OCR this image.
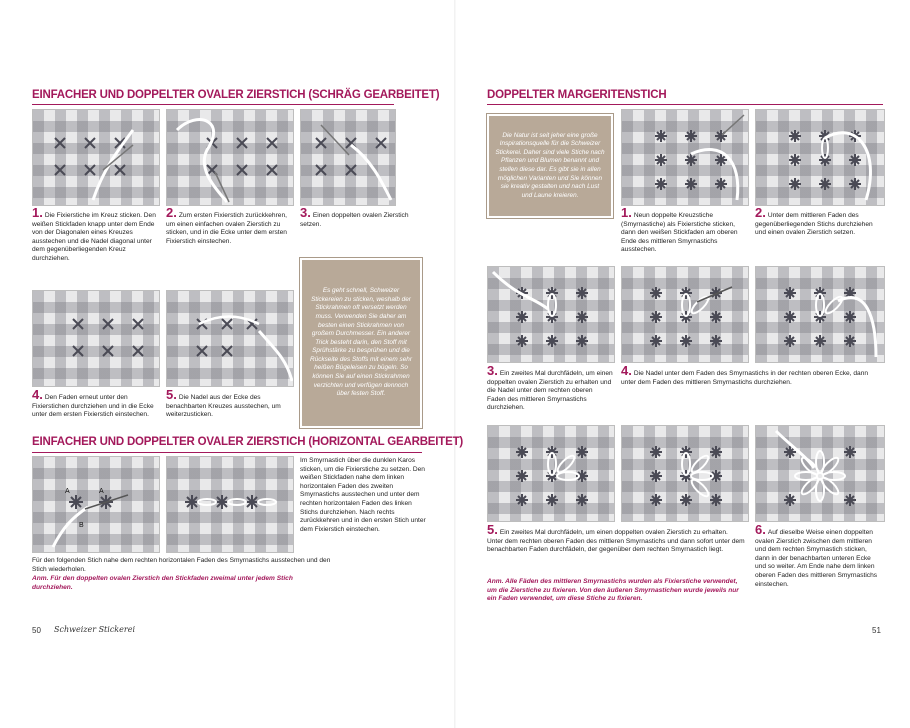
EINFACHER UND DOPPELTER OVALER ZIERSTICH (SCHRÄG GEARBEITET)
1. Die Fixierstiche im Kreuz sticken. Den weißen Stickfaden knapp unter dem Ende von der Diagonalen eines Kreuzes ausstechen und die Nadel diagonal unter dem gegenüberliegenden Kreuz durchziehen.
2. Zum ersten Fixierstich zurückkehren, um einen einfachen ovalen Zierstich zu sticken, und in die Ecke unter dem ersten Fixierstich einstechen.
3. Einen doppelten ovalen Zierstich setzen.
4. Den Faden erneut unter den Fixierstichen durchziehen und in die Ecke unter dem ersten Fixierstich einstechen.
5. Die Nadel aus der Ecke des benachbarten Kreuzes ausstechen, um weiterzusticken.
Es geht schnell, Schweizer Stickereien zu sticken, weshalb der Stickrahmen oft versetzt werden muss. Verwenden Sie daher am besten einen Stickrahmen von großem Durchmesser. Ein anderer Trick besteht darin, den Stoff mit Sprühstärke zu besprühen und die Rückseite des Stoffs mit einem sehr heißen Bügeleisen zu bügeln. So können Sie auf einen Stickrahmen verzichten und verfügen dennoch über festen Stoff.
EINFACHER UND DOPPELTER OVALER ZIERSTICH (HORIZONTAL GEARBEITET)
A	A
B
Im Smyrnastich über die dunklen Karos sticken, um die Fixierstiche zu setzen. Den weißen Stickfaden nahe dem linken horizontalen Faden des zweiten Smyrnastichs ausstechen und unter dem rechten horizontalen Faden des linken Stichs durchziehen. Nach rechts zurückkehren und in den ersten Stich unter dem Fixierstich einstechen.
Für den folgenden Stich nahe dem rechten horizontalen Faden des Smyrnastichs ausstechen und den Stich wiederholen.
Anm. Für den doppelten ovalen Zierstich den Stickfaden zweimal unter jedem Stich durchziehen.
50 Schweizer Stickerei
DOPPELTER MARGERITENSTICH
Die Natur ist seit jeher eine große Inspirationsquelle für die Schweizer Stickerei. Daher sind viele Stiche nach Pflanzen und Blumen benannt und stellen diese dar. Es gibt sie in allen möglichen Varianten und Sie können sie kreativ gestalten und nach Lust und Laune kreieren.
1. Neun doppelte Kreuzstiche (Smyrnastiche) als Fixierstiche sticken, dann den weißen Stickfaden am oberen Ende des mittleren Smyrnastichs ausstechen.
2. Unter dem mittleren Faden des gegenüberliegenden Stichs durchziehen und einen ovalen Zierstich setzen.
3. Ein zweites Mal durchfädeln, um einen doppelten ovalen Zierstich zu erhalten und die Nadel unter dem rechten oberen Faden des mittleren Smyrnastichs durchziehen.
4. Die Nadel unter dem Faden des Smyrnastichs in der rechten oberen Ecke, dann unter dem Faden des mittleren Smyrnastichs durchziehen.
5. Ein zweites Mal durchfädeln, um einen doppelten ovalen Zierstich zu erhalten. Unter dem rechten oberen Faden des mittleren Smyrnastichs und dann sofort unter dem benachbarten Faden durchfädeln, der gegenüber dem rechten Smyrnastich liegt.
6. Auf dieselbe Weise einen doppelten ovalen Zierstich zwischen dem mittleren und dem rechten Smyrnastich sticken, dann in der benachbarten unteren Ecke und so weiter. Am Ende nahe dem linken oberen Faden des mittleren Smyrnastichs einstechen.
Anm. Alle Fäden des mittleren Smyrnastichs wurden als Fixierstiche verwendet, um die Zierstiche zu fixieren. Von den äußeren Smyrnastichen wurde jeweils nur ein Faden verwendet, um diese Stiche zu fixieren.
51
